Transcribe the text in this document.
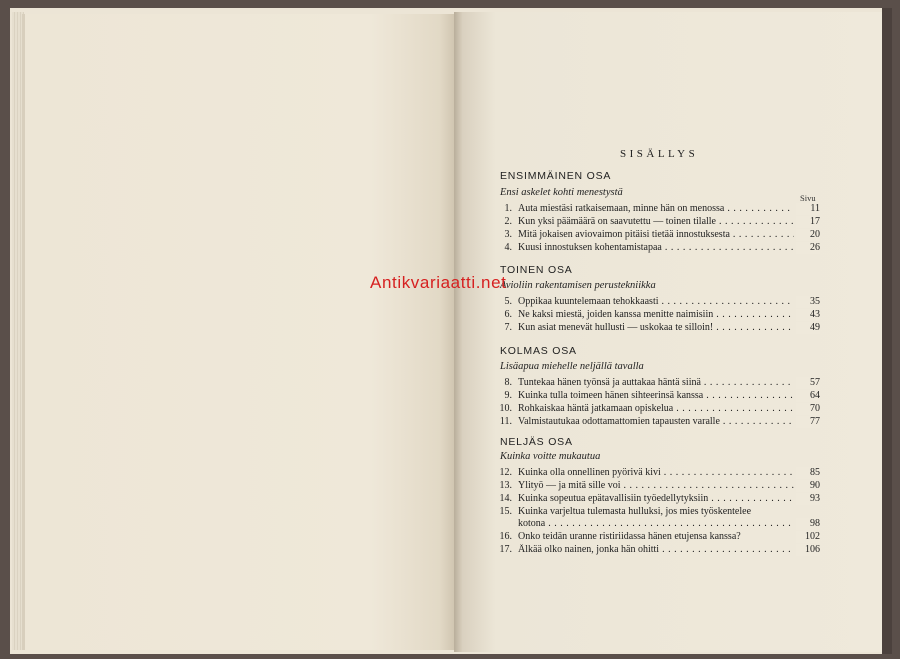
SISÄLLYS
ENSIMMÄINEN OSA
Ensi askelet kohti menestystä	Sivu
1. Auta miestäsi ratkaisemaan, minne hän on menossa . . .	11
2. Kun yksi päämäärä on saavutettu — toinen tilalle . . .	17
3. Mitä jokaisen aviovaimon pitäisi tietää innostuksesta . . .	20
4. Kuusi innostuksen kohentamistapaa . . .	26
TOINEN OSA
Avioliin rakentamisen perustekniikka
5. Oppikaa kuuntelemaan tehokkaasti . . .	35
6. Ne kaksi miestä, joiden kanssa menitte naimisiin . . .	43
7. Kun asiat menevät hullusti — uskokaa te silloin! . . .	49
KOLMAS OSA
Lisäapua miehelle neljällä tavalla
8. Tuntekaa hänen työnsä ja auttakaa häntä siinä . . .	57
9. Kuinka tulla toimeen hänen sihteerinsä kanssa . . .	64
10. Rohkaiskaa häntä jatkamaan opiskelua . . .	70
11. Valmistautukaa odottamattomien tapausten varalle . . .	77
NELJÄS OSA
Kuinka voitte mukautua
12. Kuinka olla onnellinen pyörivä kivi . . .	85
13. Ylityö — ja mitä sille voi . . .	90
14. Kuinka sopeutua epätavallisiin työedellytyksiin . . .	93
15. Kuinka varjeltua tulemasta hulluksi, jos mies työskentelee
kotona . . .	98
16. Onko teidän uranne ristiriidassa hänen etujensa kanssa?	102
17. Älkää olko nainen, jonka hän ohitti . . .	106
Antikvariaatti.net
